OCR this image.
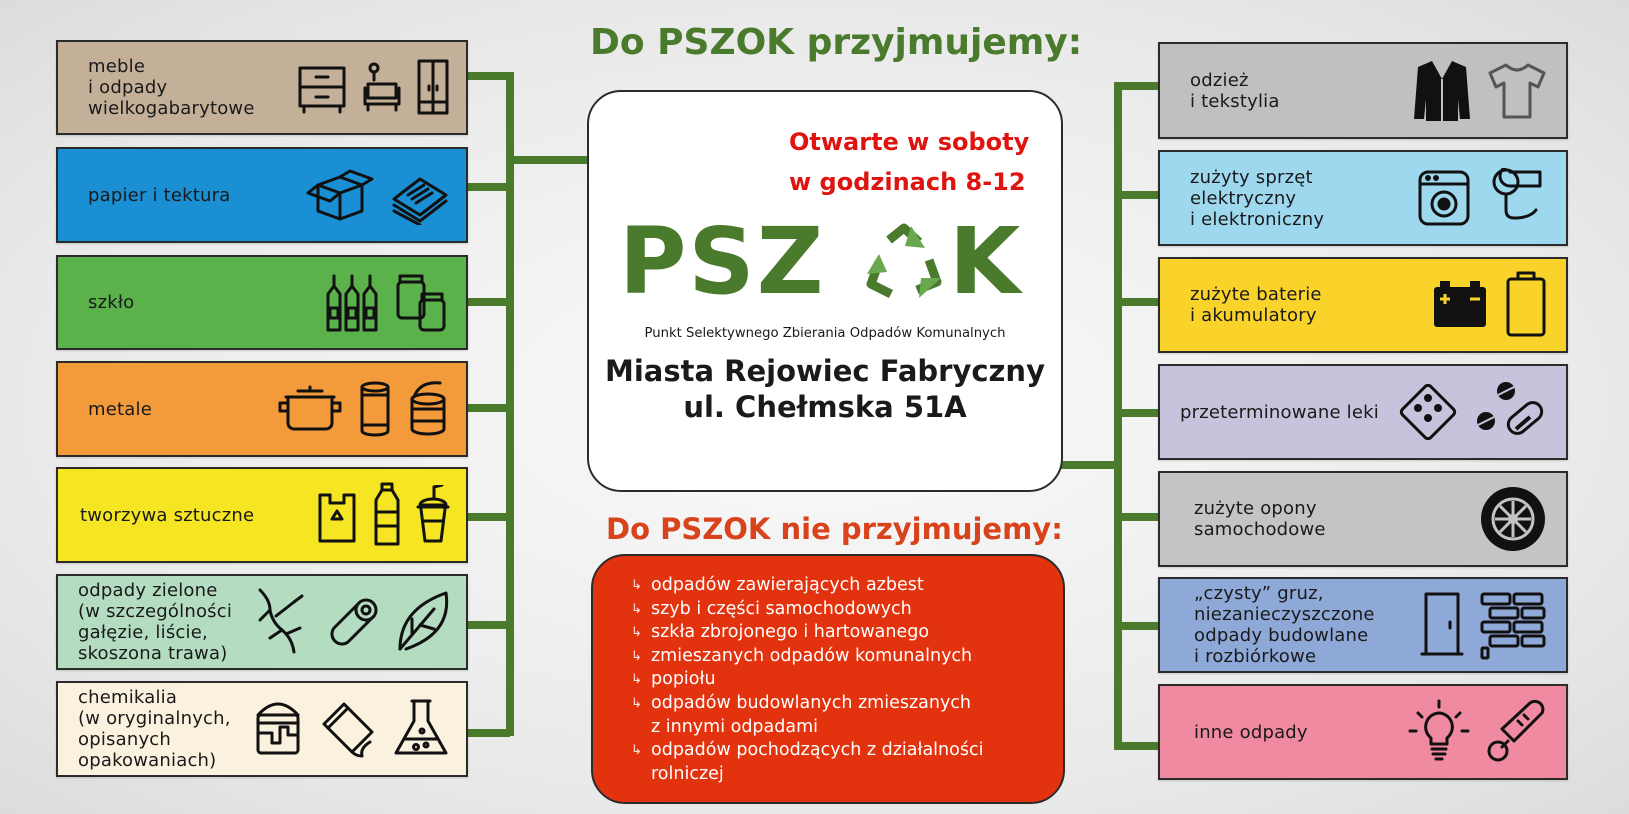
Do PSZOK przyjmujemy:
Do PSZOK nie przyjmujemy:
Otwarte w soboty
w godzinach 8-12
PSZ K
Punkt Selektywnego Zbierania Odpadów Komunalnych
Miasta Rejowiec Fabryczny
ul. Chełmska 51A
↳ odpadów zawierających azbest
↳ szyb i części samochodowych
↳ szkła zbrojonego i hartowanego
↳ zmieszanych odpadów komunalnych
↳ popiołu
↳ odpadów budowlanych zmieszanych
z innymi odpadami
↳ odpadów pochodzących z działalności
rolniczej
meble
i odpady
wielkogabarytowe
papier i tektura
szkło
metale
tworzywa sztuczne
odpady zielone
(w szczególności
gałęzie, liście,
skoszona trawa)
chemikalia
(w oryginalnych,
opisanych
opakowaniach)
odzież
i tekstylia
zużyty sprzęt
elektryczny
i elektroniczny
zużyte baterie
i akumulatory
przeterminowane leki
zużyte opony
samochodowe
„czysty” gruz,
niezanieczyszczone
odpady budowlane
i rozbiórkowe
inne odpady
